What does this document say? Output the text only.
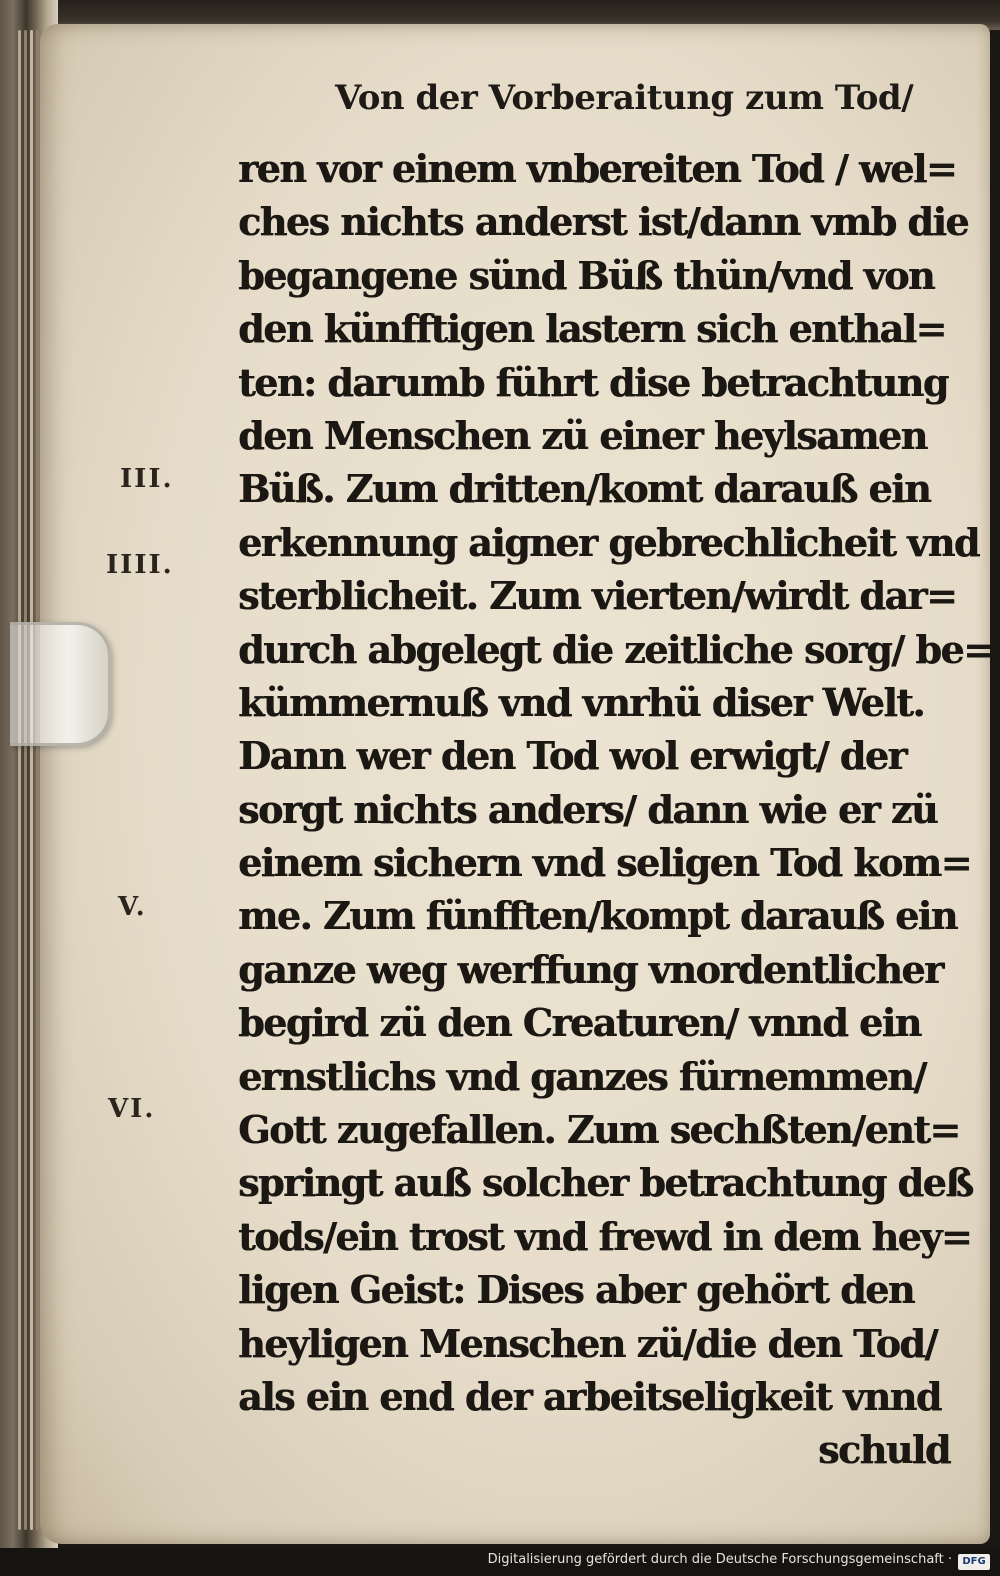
Von der Vorberaitung zum Tod/
III.
IIII.
V.
VI.
ren vor einem vnbereiten Tod / wel=
ches nichts anderst ist/dann vmb die
begangene sünd Büß thün/vnd von
den künfftigen lastern sich enthal=
ten: darumb führt dise betrachtung
den Menschen zü einer heylsamen
Büß. Zum dritten/komt darauß ein
erkennung aigner gebrechlicheit vnd
sterblicheit. Zum vierten/wirdt dar=
durch abgelegt die zeitliche sorg/ be=
kümmernuß vnd vnrhü diser Welt.
Dann wer den Tod wol erwigt/ der
sorgt nichts anders/ dann wie er zü
einem sichern vnd seligen Tod kom=
me. Zum fünfften/kompt darauß ein
ganze weg werffung vnordentlicher
begird zü den Creaturen/ vnnd ein
ernstlichs vnd ganzes fürnemmen/
Gott zugefallen. Zum sechßten/ent=
springt auß solcher betrachtung deß
tods/ein trost vnd frewd in dem hey=
ligen Geist: Dises aber gehört den
heyligen Menschen zü/die den Tod/
als ein end der arbeitseligkeit vnnd
schuld
Digitalisierung gefördert durch die Deutsche Forschungsgemeinschaft ·	DFG
